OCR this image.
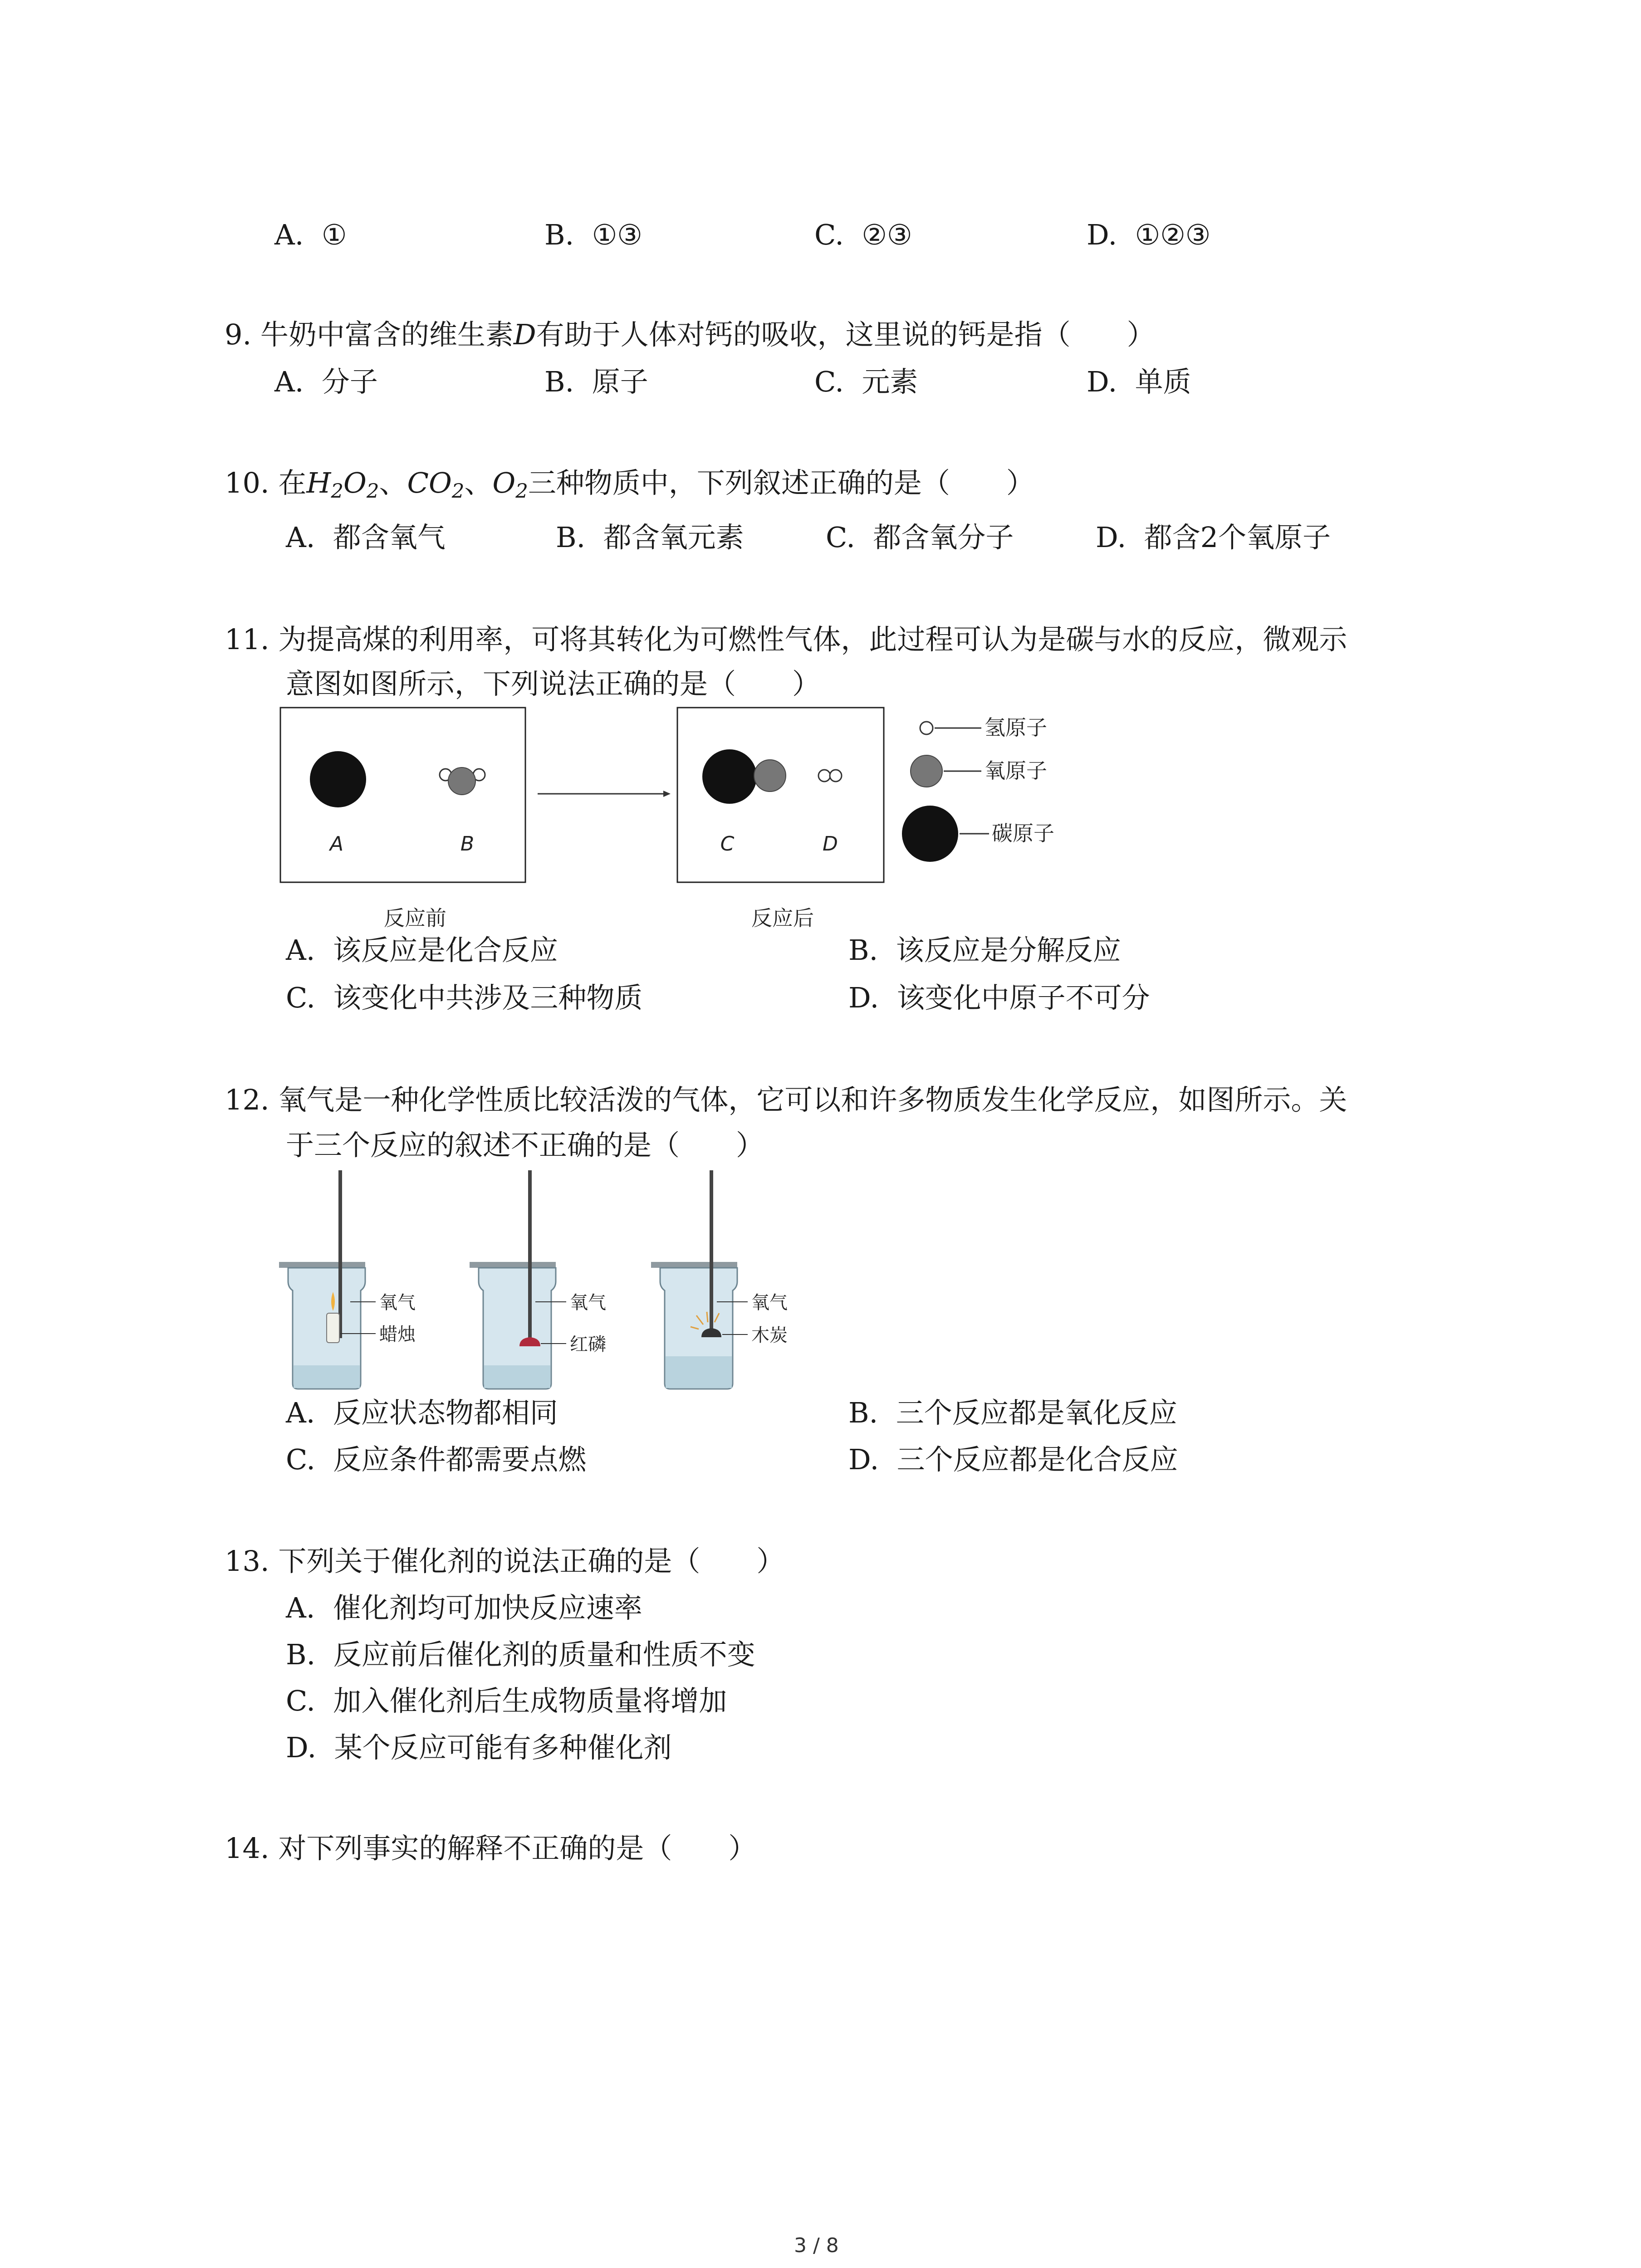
A. ①	B. ①③	C. ②③	D. ①②③
9. 牛奶中富含的维生素D有助于人体对钙的吸收，这里说的钙是指（　　）
A. 分子	B. 原子	C. 元素	D. 单质
10. 在$H_2O_2$、$CO_2$、$O_2$三种物质中，下列叙述正确的是（　　）
A. 都含氧气	B. 都含氧元素	C. 都含氧分子	D. 都含2个氧原子
11. 为提高煤的利用率，可将其转化为可燃性气体，此过程可认为是碳与水的反应，微观示
意图如图所示，下列说法正确的是（　　）
A	B	C	D
氢原子
氧原子
碳原子
反应前	反应后
A. 该反应是化合反应	B. 该反应是分解反应
C. 该变化中共涉及三种物质	D. 该变化中原子不可分
12. 氧气是一种化学性质比较活泼的气体，它可以和许多物质发生化学反应，如图所示。关
于三个反应的叙述不正确的是（　　）
氧气
蜡烛
氧气
红磷
氧气
木炭
A. 反应状态物都相同	B. 三个反应都是氧化反应
C. 反应条件都需要点燃	D. 三个反应都是化合反应
13. 下列关于催化剂的说法正确的是（　　）
A. 催化剂均可加快反应速率
B. 反应前后催化剂的质量和性质不变
C. 加入催化剂后生成物质量将增加
D. 某个反应可能有多种催化剂
14. 对下列事实的解释不正确的是（　　）
3 / 8
